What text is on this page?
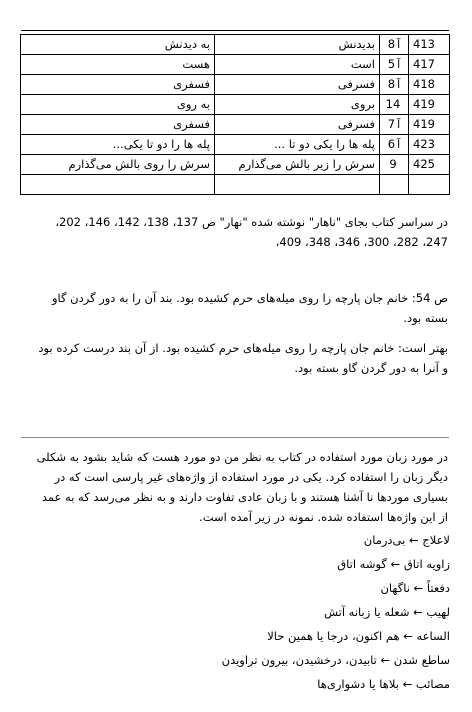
413	8 آ	بدیدنش	به دیدنش
417	5 آ	است	هست
418	8 آ	فسرفی	فسفری
419	14	بروی	به روی
419	7 آ	فسرفی	فسفری
423	6 آ	پله ها را یکی دو تا ...	پله ها را دو تا یکی...
425	9	سرش را زیر بالش می‌گذارم	سرش را روی بالش می‌گذارم

در سراسر کتاب بجای "ناهار" نوشته شده "نهار" ص 137، 138، 142، 146، 202،
247، 282، 300، 346، 348، 409،
ص 54: خانم جان پارچه را روی میله‌های حرم کشیده بود. بند آن را به دور گردن گاو
بسته بود.
بهتر است: خانم جان پارچه را روی میله‌های حرم کشیده بود. از آن بند درست کرده بود
و آنرا به دور گردن گاو بسته بود.
در مورد زبان مورد استفاده در کتاب به نظر من دو مورد هست که شاید بشود به شکلی
دیگر زبان را استفاده کرد. یکی در مورد استفاده از واژه‌های غیر پارسی است که در
بسیاری موردها نا آشنا هستند و با زبان عادی تفاوت دارند و به نظر می‌رسد که به عمد
از این واژه‌ها استفاده شده. نمونه در زیر آمده است.
لاعلاج ← بی‌درمان
زاویه اتاق ← گوشه اتاق
دفعتاً ← ناگهان
لهیب ← شعله یا زبانه آتش
الساعه ← هم اکنون، درجا یا همین حالا
ساطع شدن ← تابیدن، درخشیدن، بیرون تراویدن
مصائب ← بلاها یا دشواری‌ها
